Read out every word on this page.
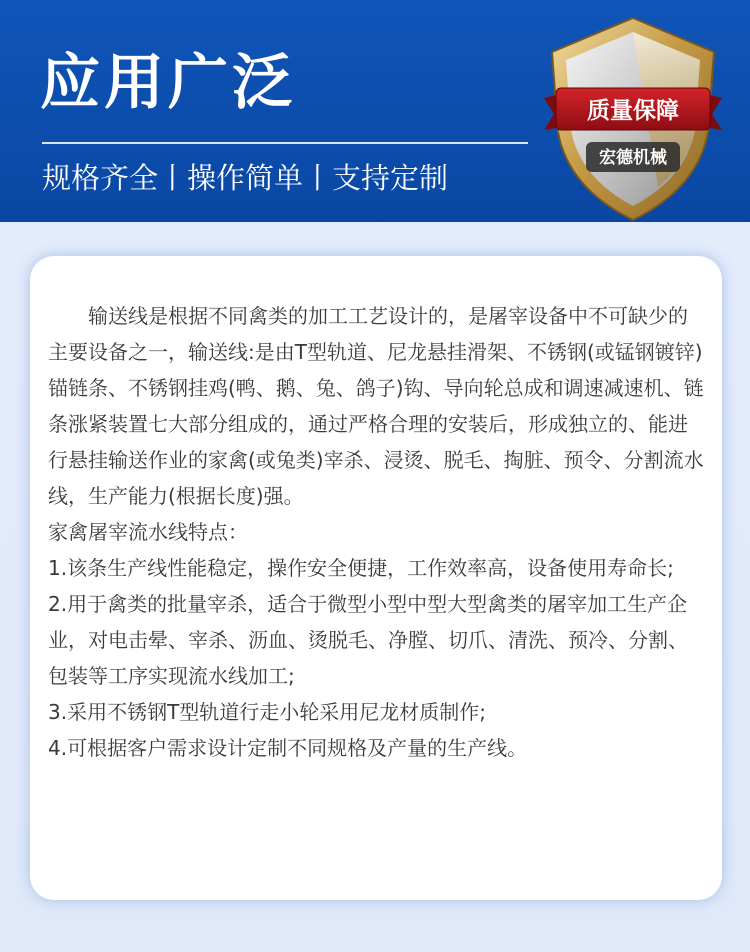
应用广泛
规格齐全丨操作简单丨支持定制
质量保障
宏德机械

输送线是根据不同禽类的加工工艺设计的，是屠宰设备中不可缺少的主要设备之一，输送线:是由T型轨道、尼龙悬挂滑架、不锈钢(或锰钢镀锌)锚链条、不锈钢挂鸡(鸭、鹅、兔、鸽子)钩、导向轮总成和调速减速机、链条涨紧装置七大部分组成的，通过严格合理的安装后，形成独立的、能进行悬挂输送作业的家禽(或兔类)宰杀、浸烫、脱毛、掏脏、预令、分割流水线，生产能力(根据长度)强。

家禽屠宰流水线特点：

1.该条生产线性能稳定，操作安全便捷，工作效率高，设备使用寿命长;

2.用于禽类的批量宰杀，适合于微型小型中型大型禽类的屠宰加工生产企业，对电击晕、宰杀、沥血、烫脱毛、净膛、切爪、清洗、预冷、分割、包装等工序实现流水线加工;

3.采用不锈钢T型轨道行走小轮采用尼龙材质制作;

4.可根据客户需求设计定制不同规格及产量的生产线。
